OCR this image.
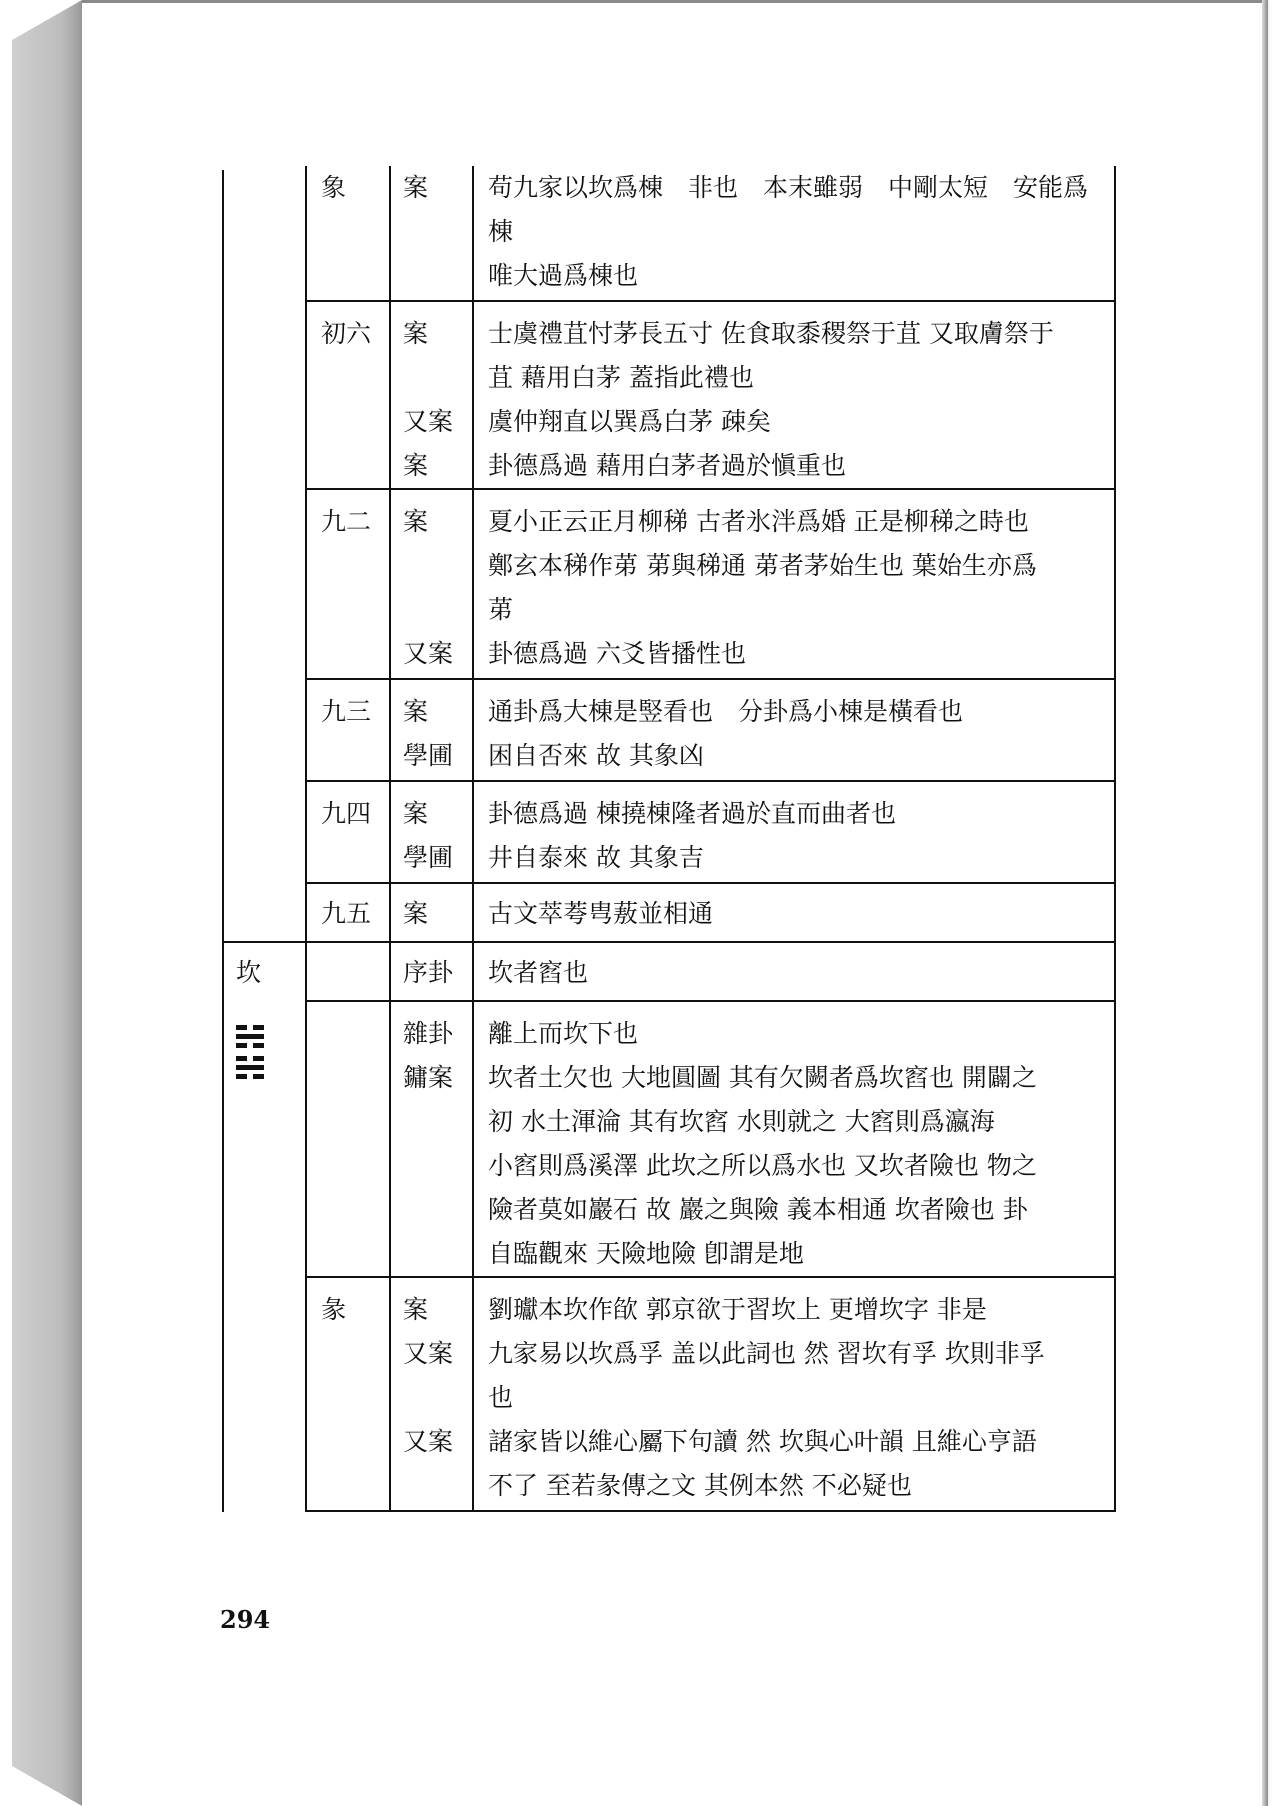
象 案 苟九家以坎爲棟　非也　本末雖弱　中剛太短　安能爲
棟
唯大過爲棟也
初六 案
又案
案
士虞禮苴忖茅長五寸 佐食取黍稷祭于苴 又取膚祭于
苴 藉用白茅 蓋指此禮也
虞仲翔直以巽爲白茅 疎矣
卦德爲過 藉用白茅者過於愼重也
九二 案
又案
夏小正云正月柳稊 古者氷泮爲婚 正是柳稊之時也
鄭玄本稊作苐 苐與稊通 苐者茅始生也 葉始生亦爲
苐
卦德爲過 六爻皆播性也
九三 案
學圃
通卦爲大棟是竪看也　分卦爲小棟是橫看也
困自否來 故 其象凶
九四 案
學圃
卦德爲過 棟撓棟隆者過於直而曲者也
井自泰來 故 其象吉
九五 案 古文萃荂㽕蔜並相通
坎	序卦 坎者窞也
雜卦
鏞案
離上而坎下也
坎者土欠也 大地圓圖 其有欠闕者爲坎窞也 開闢之
初 水土渾淪 其有坎窞 水則就之 大窞則爲瀛海
小窞則爲溪澤 此坎之所以爲水也 又坎者險也 物之
險者莫如巖石 故 巖之與險 義本相通 坎者險也 卦
自臨觀來 天險地險 卽謂是地
彖 案
又案
又案
劉瓛本坎作欿 郭京欲于習坎上 更增坎字 非是
九家易以坎爲孚 盖以此詞也 然 習坎有孚 坎則非孚
也
諸家皆以維心屬下句讀 然 坎與心叶韻 且維心亨語
不了 至若彖傳之文 其例本然 不必疑也
294
